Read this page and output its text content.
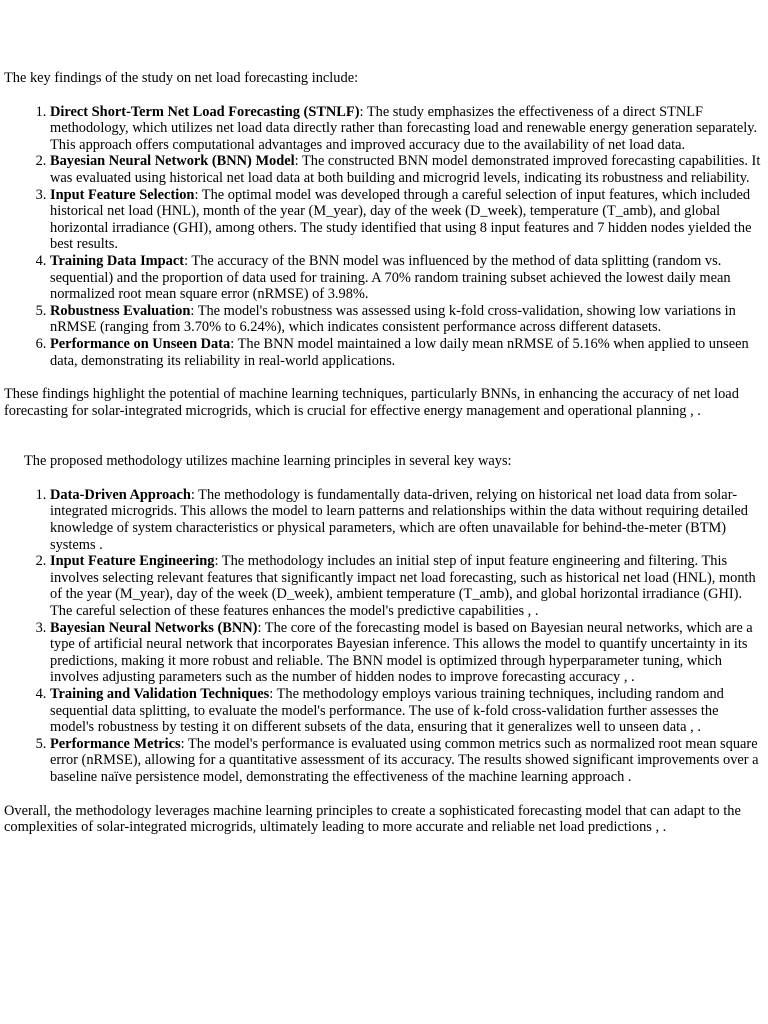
The key findings of the study on net load forecasting include:

1. Direct Short-Term Net Load Forecasting (STNLF): The study emphasizes the effectiveness of a direct STNLF methodology, which utilizes net load data directly rather than forecasting load and renewable energy generation separately. This approach offers computational advantages and improved accuracy due to the availability of net load data.
2. Bayesian Neural Network (BNN) Model: The constructed BNN model demonstrated improved forecasting capabilities. It was evaluated using historical net load data at both building and microgrid levels, indicating its robustness and reliability.
3. Input Feature Selection: The optimal model was developed through a careful selection of input features, which included historical net load (HNL), month of the year (M_year), day of the week (D_week), temperature (T_amb), and global horizontal irradiance (GHI), among others. The study identified that using 8 input features and 7 hidden nodes yielded the best results.
4. Training Data Impact: The accuracy of the BNN model was influenced by the method of data splitting (random vs. sequential) and the proportion of data used for training. A 70% random training subset achieved the lowest daily mean normalized root mean square error (nRMSE) of 3.98%.
5. Robustness Evaluation: The model's robustness was assessed using k-fold cross-validation, showing low variations in nRMSE (ranging from 3.70% to 6.24%), which indicates consistent performance across different datasets.
6. Performance on Unseen Data: The BNN model maintained a low daily mean nRMSE of 5.16% when applied to unseen data, demonstrating its reliability in real-world applications.

These findings highlight the potential of machine learning techniques, particularly BNNs, in enhancing the accuracy of net load forecasting for solar-integrated microgrids, which is crucial for effective energy management and operational planning , .

The proposed methodology utilizes machine learning principles in several key ways:

1. Data-Driven Approach: The methodology is fundamentally data-driven, relying on historical net load data from solar-integrated microgrids. This allows the model to learn patterns and relationships within the data without requiring detailed knowledge of system characteristics or physical parameters, which are often unavailable for behind-the-meter (BTM) systems .
2. Input Feature Engineering: The methodology includes an initial step of input feature engineering and filtering. This involves selecting relevant features that significantly impact net load forecasting, such as historical net load (HNL), month of the year (M_year), day of the week (D_week), ambient temperature (T_amb), and global horizontal irradiance (GHI). The careful selection of these features enhances the model's predictive capabilities , .
3. Bayesian Neural Networks (BNN): The core of the forecasting model is based on Bayesian neural networks, which are a type of artificial neural network that incorporates Bayesian inference. This allows the model to quantify uncertainty in its predictions, making it more robust and reliable. The BNN model is optimized through hyperparameter tuning, which involves adjusting parameters such as the number of hidden nodes to improve forecasting accuracy , .
4. Training and Validation Techniques: The methodology employs various training techniques, including random and sequential data splitting, to evaluate the model's performance. The use of k-fold cross-validation further assesses the model's robustness by testing it on different subsets of the data, ensuring that it generalizes well to unseen data , .
5. Performance Metrics: The model's performance is evaluated using common metrics such as normalized root mean square error (nRMSE), allowing for a quantitative assessment of its accuracy. The results showed significant improvements over a baseline naïve persistence model, demonstrating the effectiveness of the machine learning approach .

Overall, the methodology leverages machine learning principles to create a sophisticated forecasting model that can adapt to the complexities of solar-integrated microgrids, ultimately leading to more accurate and reliable net load predictions , .
